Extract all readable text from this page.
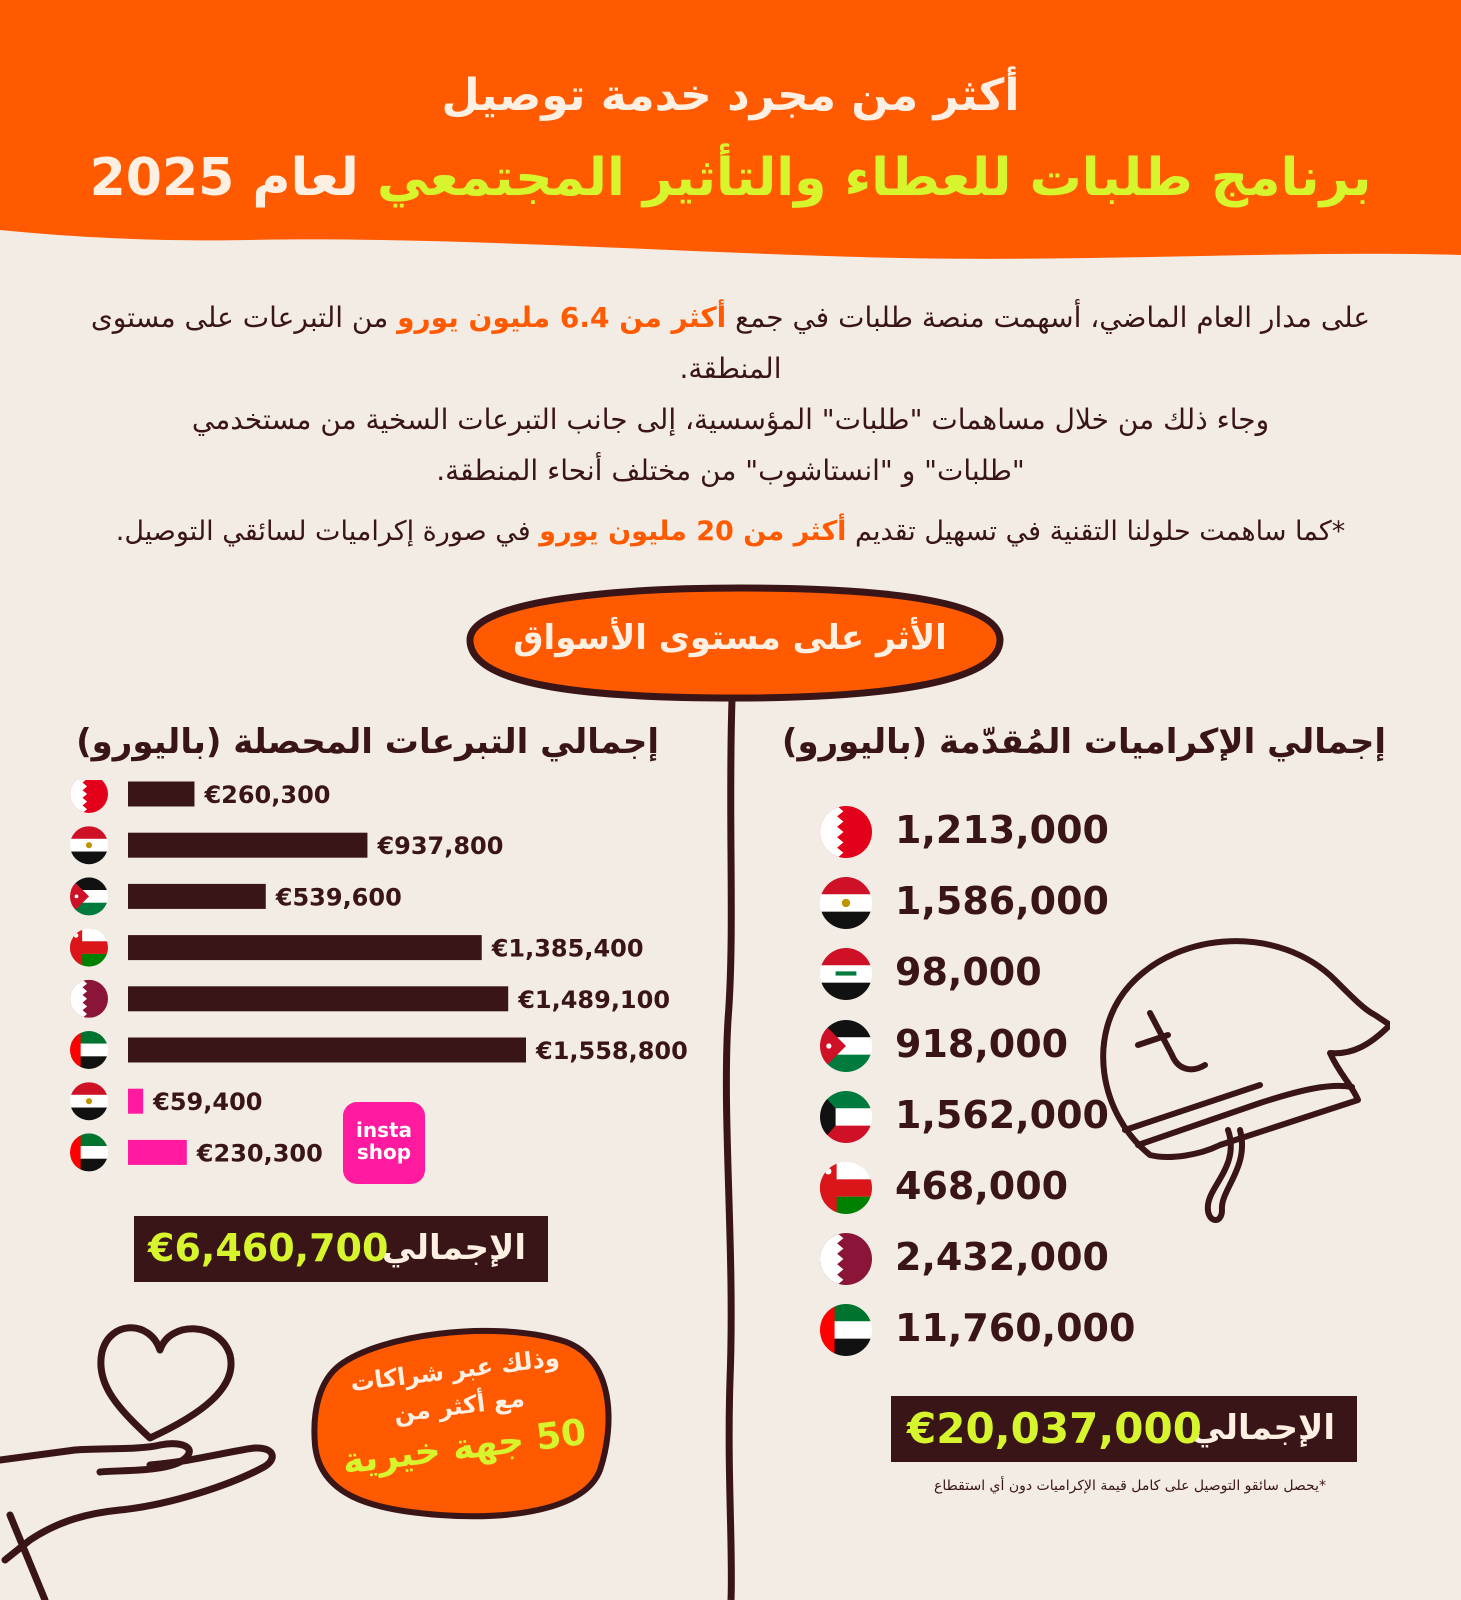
أكثر من مجرد خدمة توصيل
برنامج طلبات للعطاء والتأثير المجتمعي لعام 2025
على مدار العام الماضي، أسهمت منصة طلبات في جمع أكثر من 6.4 مليون يورو من التبرعات على مستوى المنطقة.
وجاء ذلك من خلال مساهمات "طلبات" المؤسسية، إلى جانب التبرعات السخية من مستخدمي "طلبات" و "انستاشوب" من مختلف أنحاء المنطقة.
*كما ساهمت حلولنا التقنية في تسهيل تقديم أكثر من 20 مليون يورو في صورة إكراميات لسائقي التوصيل.
الأثر على مستوى الأسواق
إجمالي التبرعات المحصلة (باليورو)	إجمالي الإكراميات المُقدّمة (باليورو)
€260,300
€937,800
€539,600
€1,385,400
€1,489,100
€1,558,800
€59,400
€230,300
insta
shop
الإجمالي
€6,460,700
1,213,000
1,586,000
98,000
918,000
1,562,000
468,000
2,432,000
11,760,000
الإجمالي
€20,037,000
*يحصل سائقو التوصيل على كامل قيمة الإكراميات دون أي استقطاع
وذلك عبر شراكات
مع أكثر من
50 جهة خيرية
